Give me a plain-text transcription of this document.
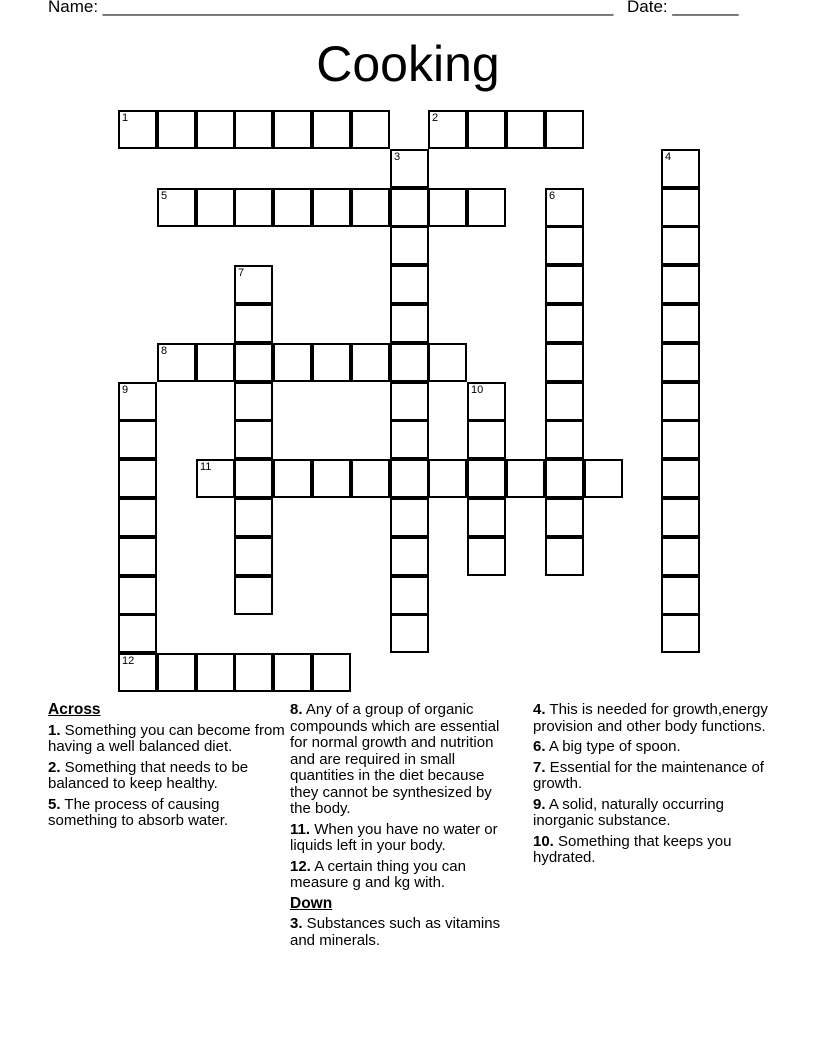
Name: ______________________________________________________ Date: _______
Cooking
1	2
3	4
5	6
7
8
9
12
10
11
Across
1. Something you can become from having a well balanced diet.
2. Something that needs to be balanced to keep healthy.
5. The process of causing something to absorb water.
8. Any of a group of organic compounds which are essential for normal growth and nutrition and are required in small quantities in the diet because they cannot be synthesized by the body.
11. When you have no water or liquids left in your body.
12. A certain thing you can measure g and kg with.
Down
3. Substances such as vitamins and minerals.
4. This is needed for growth,energy provision and other body functions.
6. A big type of spoon.
7. Essential for the maintenance of growth.
9. A solid, naturally occurring inorganic substance.
10. Something that keeps you hydrated.
